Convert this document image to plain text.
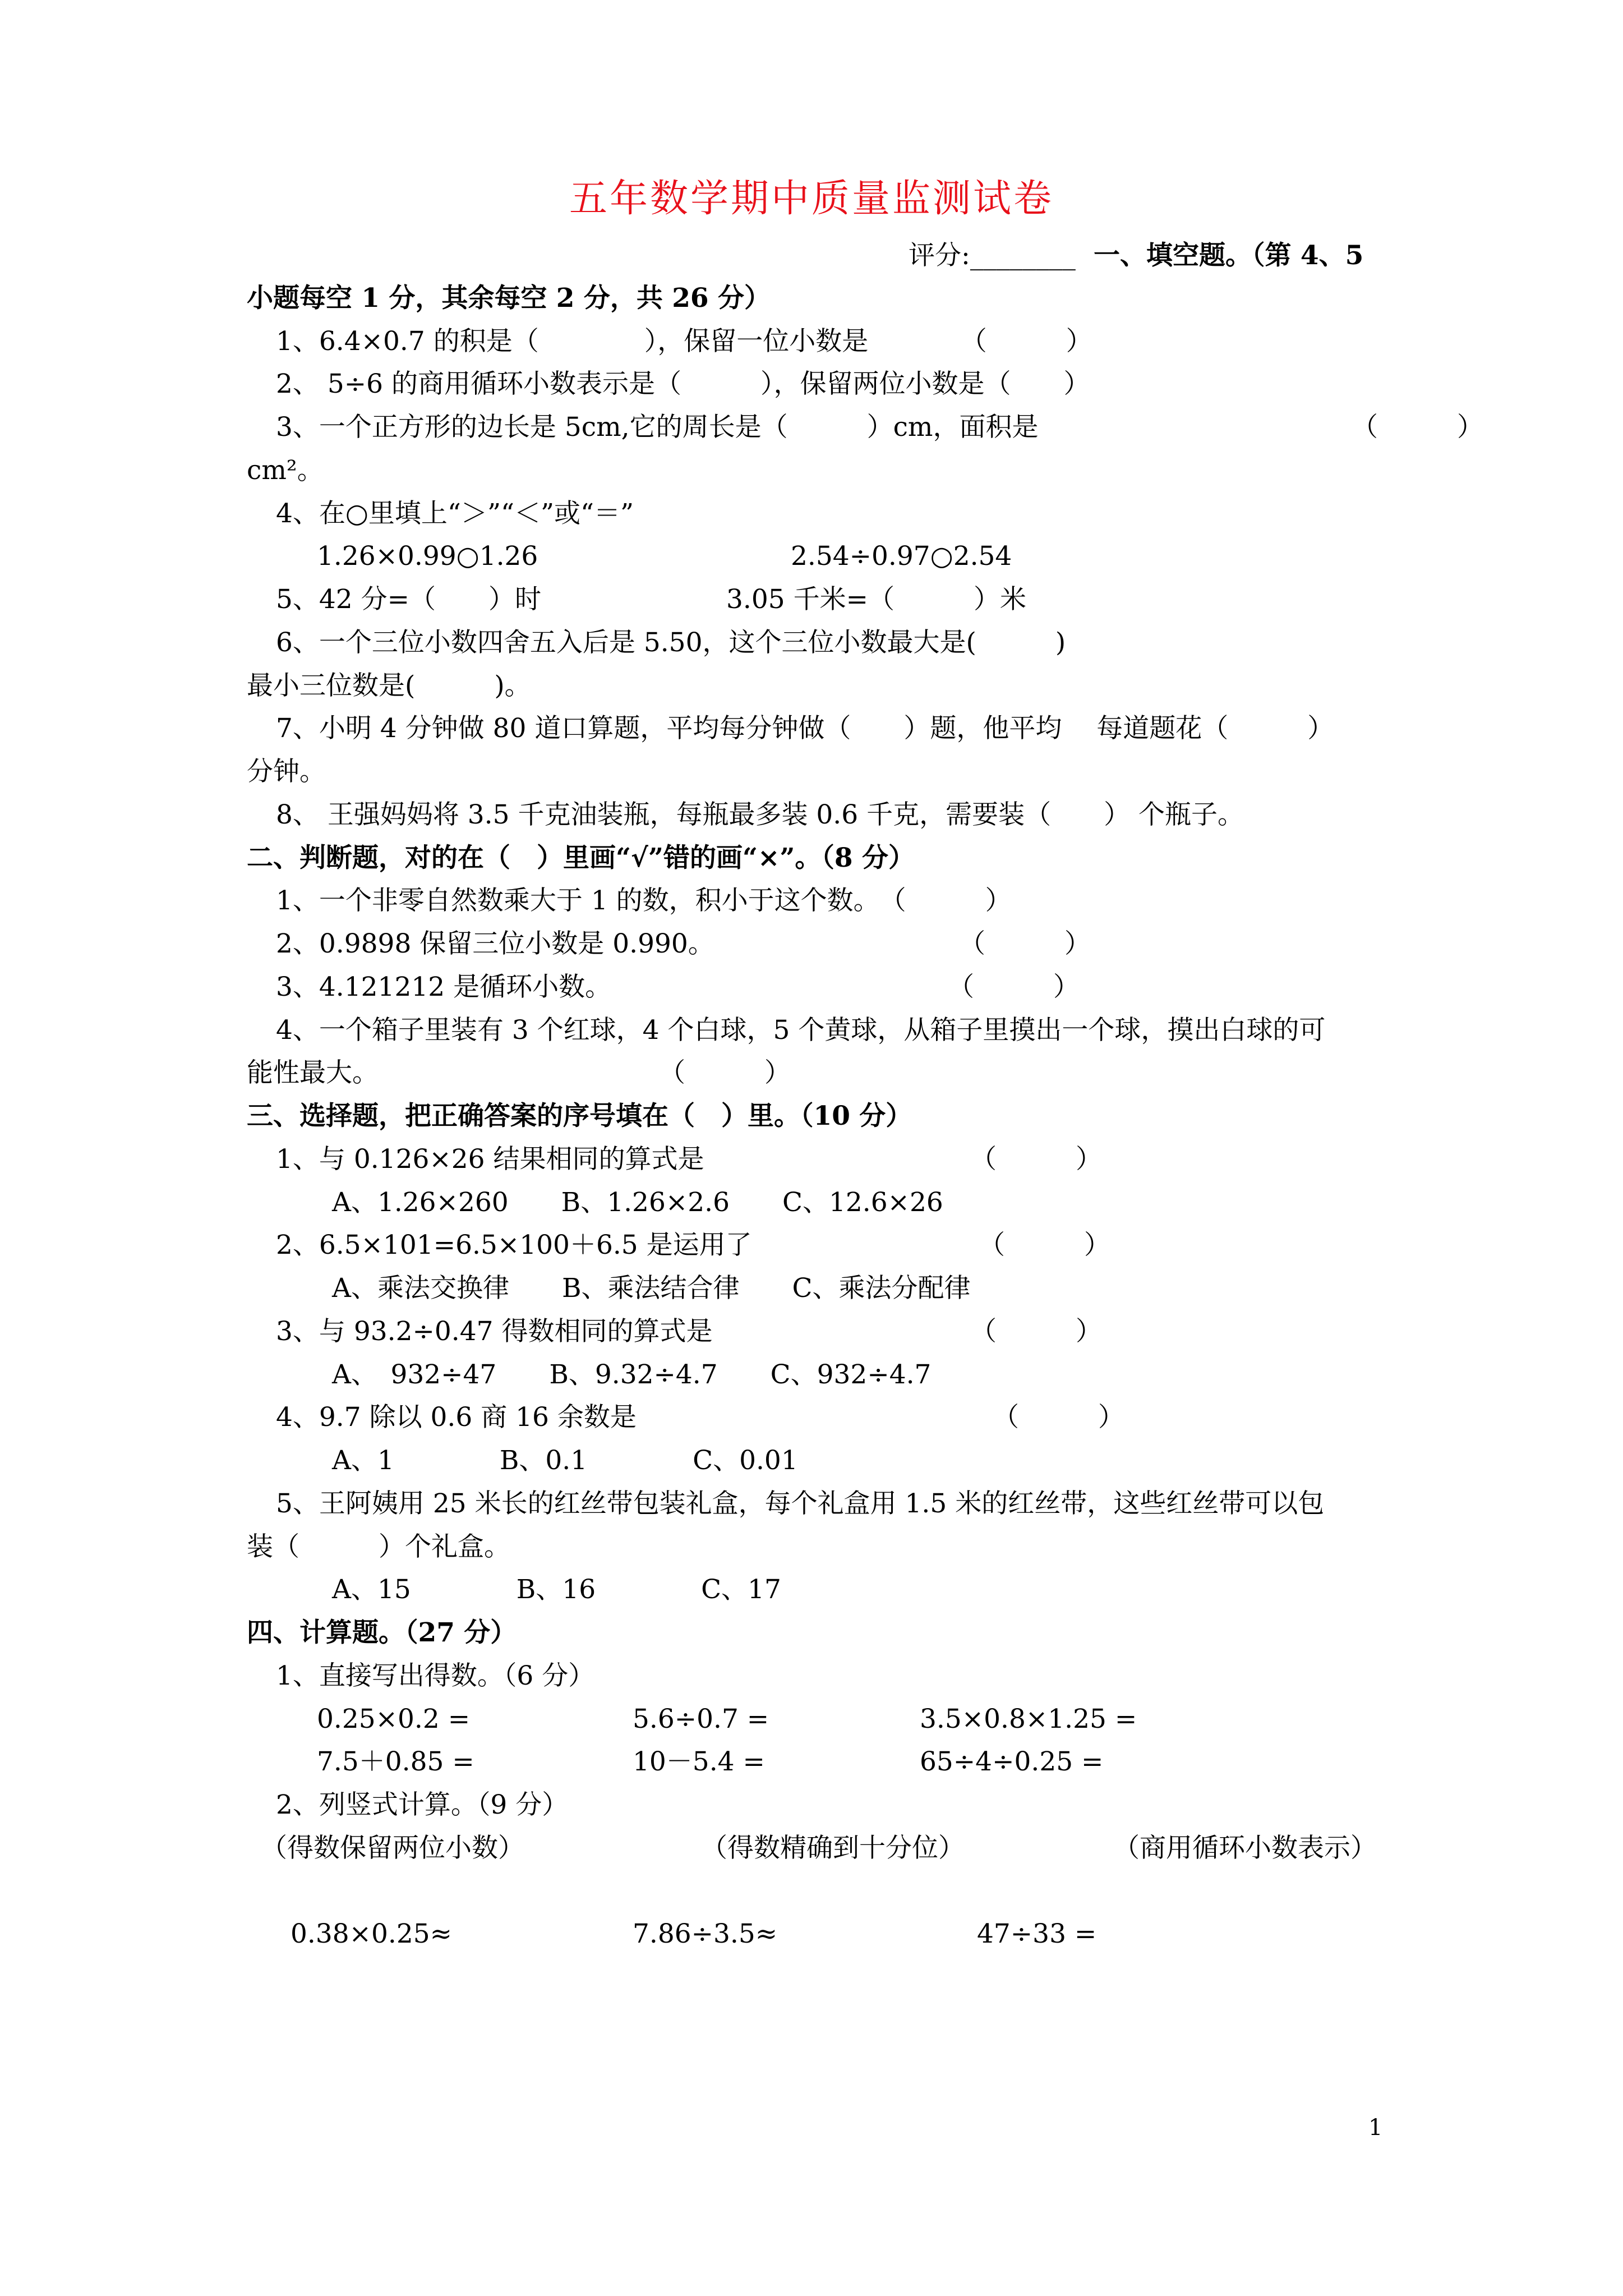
五年数学期中质量监测试卷
评分:________ 一、填空题。（第 4、5
小题每空 1 分，其余每空 2 分，共 26 分）
1、6.4×0.7 的积是（　　　　），保留一位小数是　　　　（　　　）
2、 5÷6 的商用循环小数表示是（　　　），保留两位小数是（　　）
3、一个正方形的边长是 5cm,它的周长是（　　　）cm，面积是	（　　　）
cm²。
4、在○里填上“＞”“＜”或“＝”
1.26×0.99○1.26	2.54÷0.97○2.54
5、42 分=（　　）时	3.05 千米=（　　　）米
6、一个三位小数四舍五入后是 5.50，这个三位小数最大是(　　　)
最小三位数是(　　　)。
7、小明 4 分钟做 80 道口算题，平均每分钟做（　　）题，他平均　 每道题花（　　　）
分钟。
8、 王强妈妈将 3.5 千克油装瓶，每瓶最多装 0.6 千克，需要装（　　） 个瓶子。
二、判断题，对的在（　）里画“√”错的画“×”。（8 分）
1、一个非零自然数乘大于 1 的数，积小于这个数。　（　　　）
2、0.9898 保留三位小数是 0.990。	（　　　）
3、4.121212 是循环小数。	（　　　）
4、一个箱子里装有 3 个红球，4 个白球，5 个黄球，从箱子里摸出一个球，摸出白球的可
能性最大。	（　　　）
三、选择题，把正确答案的序号填在（　）里。（10 分）
1、与 0.126×26 结果相同的算式是	（　　　）
A、1.26×260　　B、1.26×2.6　　C、12.6×26
2、6.5×101=6.5×100＋6.5 是运用了	（　　　）
A、乘法交换律　　B、乘法结合律　　C、乘法分配律
3、与 93.2÷0.47 得数相同的算式是	（　　　）
A、　932÷47　　B、9.32÷4.7　　C、932÷4.7
4、9.7 除以 0.6 商 16 余数是	（　　　）
A、1　　　　B、0.1　　　　C、0.01
5、王阿姨用 25 米长的红丝带包装礼盒，每个礼盒用 1.5 米的红丝带，这些红丝带可以包
装（　　　）个礼盒。
A、15　　　　B、16　　　　C、17
四、计算题。（27 分）
1、直接写出得数。（6 分）
0.25×0.2 =	5.6÷0.7 =	3.5×0.8×1.25 =
7.5＋0.85 =	10－5.4 =	65÷4÷0.25 =
2、列竖式计算。（9 分）
（得数保留两位小数）	（得数精确到十分位）	（商用循环小数表示）
0.38×0.25≈	7.86÷3.5≈	47÷33 =
1
